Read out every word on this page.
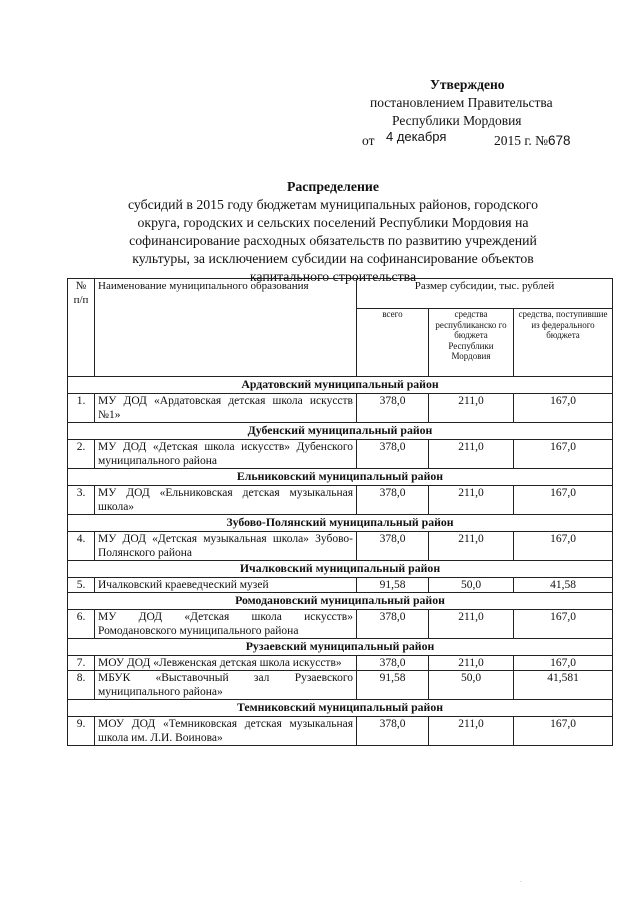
Утверждено
постановлением Правительства
Республики Мордовия
от 4 декабря	2015 г. №678
Распределение
субсидий в 2015 году бюджетам муниципальных районов, городского
округа, городских и сельских поселений Республики Мордовия на
софинансирование расходных обязательств по развитию учреждений
культуры, за исключением субсидии на софинансирование объектов
капитального строительства
№ п/п	Наименование муниципального образования	Размер субсидии, тыс. рублей		
		всего	средства республиканско го бюджета Республики Мордовия	средства, поступившие из федерального бюджета
Ардатовский муниципальный район				
1.	МУ ДОД «Ардатовская детская школа искусств №1»	378,0	211,0	167,0
Дубенский муниципальный район				
2.	МУ ДОД «Детская школа искусств» Дубенского муниципального района	378,0	211,0	167,0
Ельниковский муниципальный район				
3.	МУ ДОД «Ельниковская детская музыкальная школа»	378,0	211,0	167,0
Зубово-Полянский муниципальный район				
4.	МУ ДОД «Детская музыкальная школа» Зубово-Полянского района	378,0	211,0	167,0
Ичалковский муниципальный район				
5.	Ичалковский краеведческий музей	91,58	50,0	41,58
Ромодановский муниципальный район				
6.	МУ ДОД «Детская школа искусств» Ромодановского муниципального района	378,0	211,0	167,0
Рузаевский муниципальный район				
7.	МОУ ДОД «Левженская детская школа искусств»	378,0	211,0	167,0
8.	МБУК «Выставочный зал Рузаевского муниципального района»	91,58	50,0	41,581
Темниковский муниципальный район				
9.	МОУ ДОД «Темниковская детская музыкальная школа им. Л.И. Воинова»	378,0	211,0	167,0
.
